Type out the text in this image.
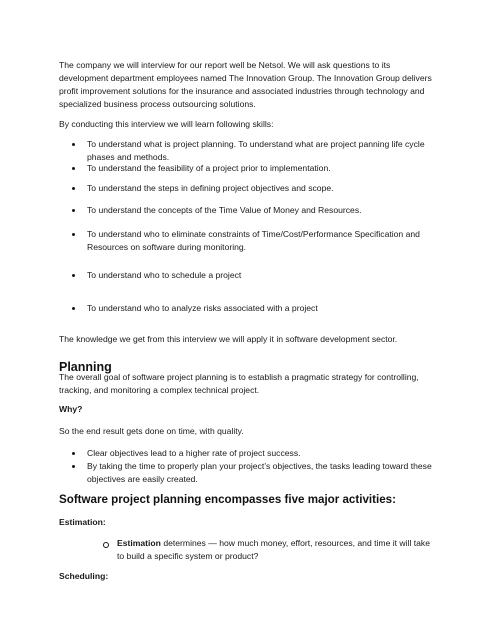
The company we will interview for our report well be Netsol. We will ask questions to its development department employees named The Innovation Group. The Innovation Group delivers profit improvement solutions for the insurance and associated industries through technology and specialized business process outsourcing solutions.

By conducting this interview we will learn following skills:

To understand what is project planning. To understand what are project panning life cycle phases and methods.

To understand the feasibility of a project prior to implementation.

To understand the steps in defining project objectives and scope.

To understand the concepts of the Time Value of Money and Resources.

To understand who to eliminate constraints of Time/Cost/Performance Specification and Resources on software during monitoring.

To understand who to schedule a project

To understand who to analyze risks associated with a project

The knowledge we get from this interview we will apply it in software development sector.

Planning

The overall goal of software project planning is to establish a pragmatic strategy for controlling, tracking, and monitoring a complex technical project.

Why?

So the end result gets done on time, with quality.

Clear objectives lead to a higher rate of project success.

By taking the time to properly plan your project’s objectives, the tasks leading toward these objectives are easily created.

Software project planning encompasses five major activities:

Estimation:

Estimation determines — how much money, effort, resources, and time it will take to build a specific system or product?

Scheduling:
